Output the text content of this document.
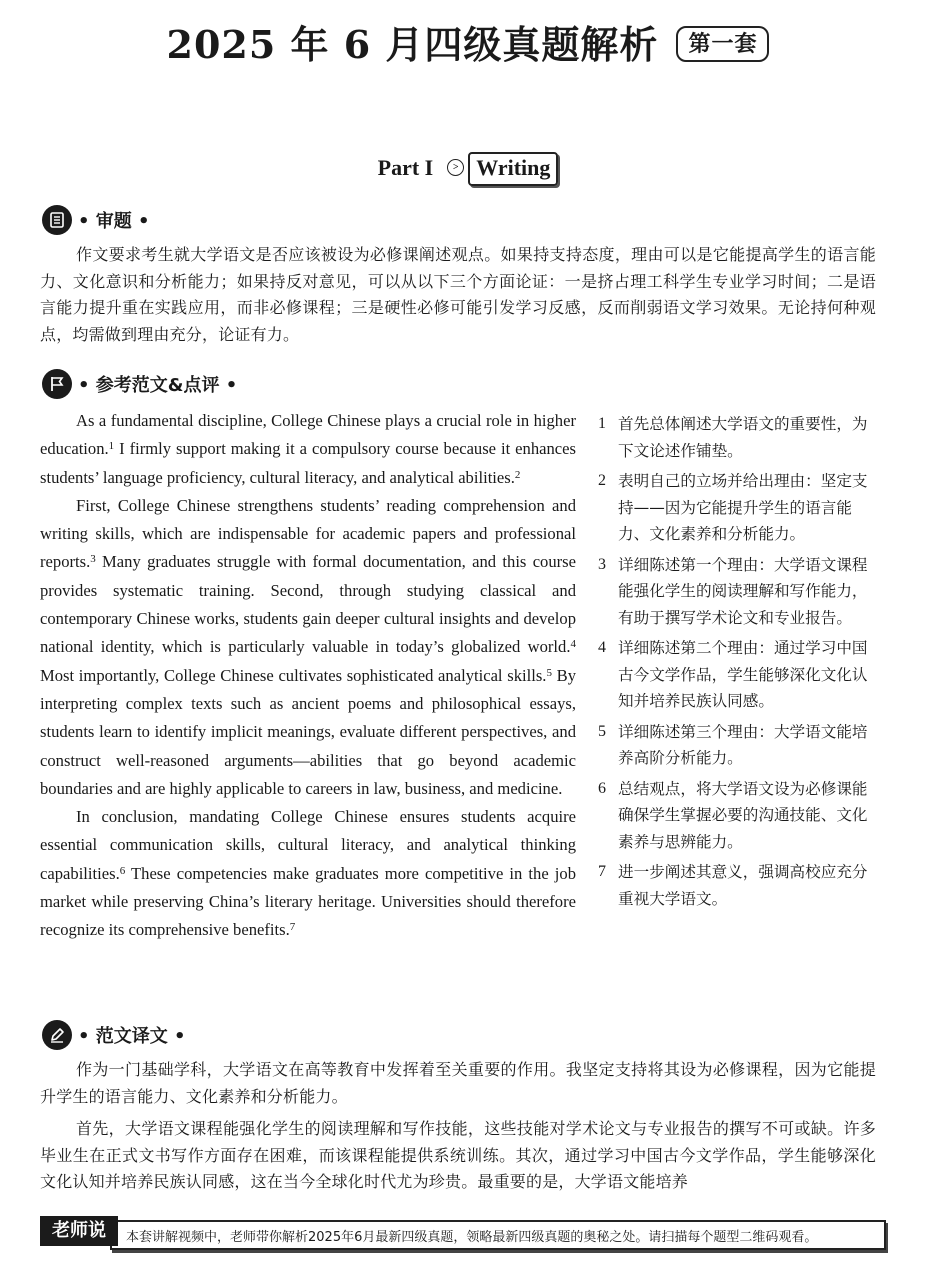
2025 年 6 月四级真题解析 第一套
Part I > Writing
• 审题 •

作文要求考生就大学语文是否应该被设为必修课阐述观点。如果持支持态度，理由可以是它能提高学生的语言能力、文化意识和分析能力；如果持反对意见，可以从以下三个方面论证：一是挤占理工科学生专业学习时间；二是语言能力提升重在实践应用，而非必修课程；三是硬性必修可能引发学习反感，反而削弱语文学习效果。无论持何种观点，均需做到理由充分，论证有力。

• 参考范文&点评 •

As a fundamental discipline, College Chinese plays a crucial role in higher education.$^1$ I firmly support making it a compulsory course because it enhances students’ language proficiency, cultural literacy, and analytical abilities.$^2$

First, College Chinese strengthens students’ reading comprehension and writing skills, which are indispensable for academic papers and professional reports.$^3$ Many graduates struggle with formal documentation, and this course provides systematic training. Second, through studying classical and contemporary Chinese works, students gain deeper cultural insights and develop national identity, which is particularly valuable in today’s globalized world.$^4$ Most importantly, College Chinese cultivates sophisticated analytical skills.$^5$ By interpreting complex texts such as ancient poems and philosophical essays, students learn to identify implicit meanings, evaluate different perspectives, and construct well-reasoned arguments—abilities that go beyond academic boundaries and are highly applicable to careers in law, business, and medicine.

In conclusion, mandating College Chinese ensures students acquire essential communication skills, cultural literacy, and analytical thinking capabilities.$^6$ These competencies make graduates more competitive in the job market while preserving China’s literary heritage. Universities should therefore recognize its comprehensive benefits.$^7$

1 首先总体阐述大学语文的重要性，为下文论述作铺垫。
2 表明自己的立场并给出理由：坚定支持——因为它能提升学生的语言能力、文化素养和分析能力。
3 详细陈述第一个理由：大学语文课程能强化学生的阅读理解和写作能力，有助于撰写学术论文和专业报告。
4 详细陈述第二个理由：通过学习中国古今文学作品，学生能够深化文化认知并培养民族认同感。
5 详细陈述第三个理由：大学语文能培养高阶分析能力。
6 总结观点，将大学语文设为必修课能确保学生掌握必要的沟通技能、文化素养与思辨能力。
7 进一步阐述其意义，强调高校应充分重视大学语文。
• 范文译文 •

作为一门基础学科，大学语文在高等教育中发挥着至关重要的作用。我坚定支持将其设为必修课程，因为它能提升学生的语言能力、文化素养和分析能力。

首先，大学语文课程能强化学生的阅读理解和写作技能，这些技能对学术论文与专业报告的撰写不可或缺。许多毕业生在正式文书写作方面存在困难，而该课程能提供系统训练。其次，通过学习中国古今文学作品，学生能够深化文化认知并培养民族认同感，这在当今全球化时代尤为珍贵。最重要的是，大学语文能培养

老师说	本套讲解视频中，老师带你解析2025年6月最新四级真题，领略最新四级真题的奥秘之处。请扫描每个题型二维码观看。
